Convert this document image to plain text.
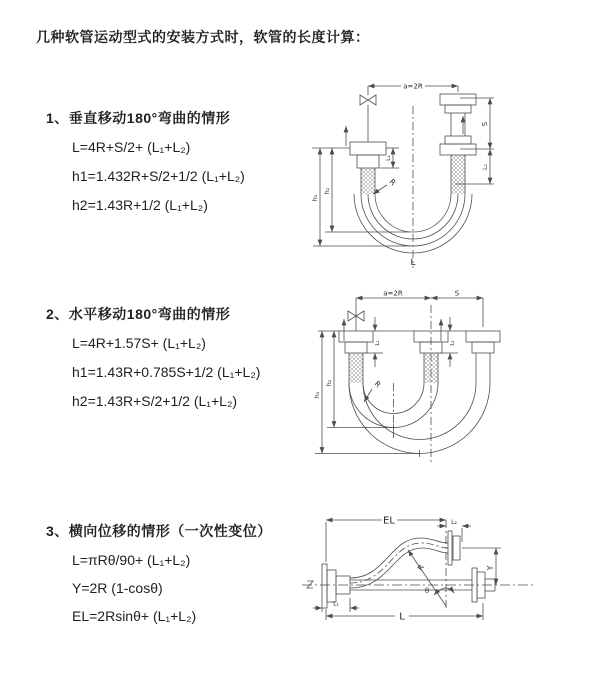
几种软管运动型式的安装方式时，软管的长度计算：
1、垂直移动180°弯曲的情形
L=4R+S/2+ (L₁+L₂)
h1=1.432R+S/2+1/2 (L₁+L₂)
h2=1.43R+1/2 (L₁+L₂)
a=2R
L₁
S
L₂
h₁
h₂
R
L
2、水平移动180°弯曲的情形
L=4R+1.57S+ (L₁+L₂)
h1=1.43R+0.785S+1/2 (L₁+L₂)
h2=1.43R+S/2+1/2 (L₁+L₂)
a=2R	S
L₁	L₂
h₁
h₂	R
3、横向位移的情形（一次性变位）
L=πRθ/90+ (L₁+L₂)
Y=2R (1-cosθ)
EL=2Rsinθ+ (L₁+L₂)
EL	L₂
Y
R
θ
L
L₁
